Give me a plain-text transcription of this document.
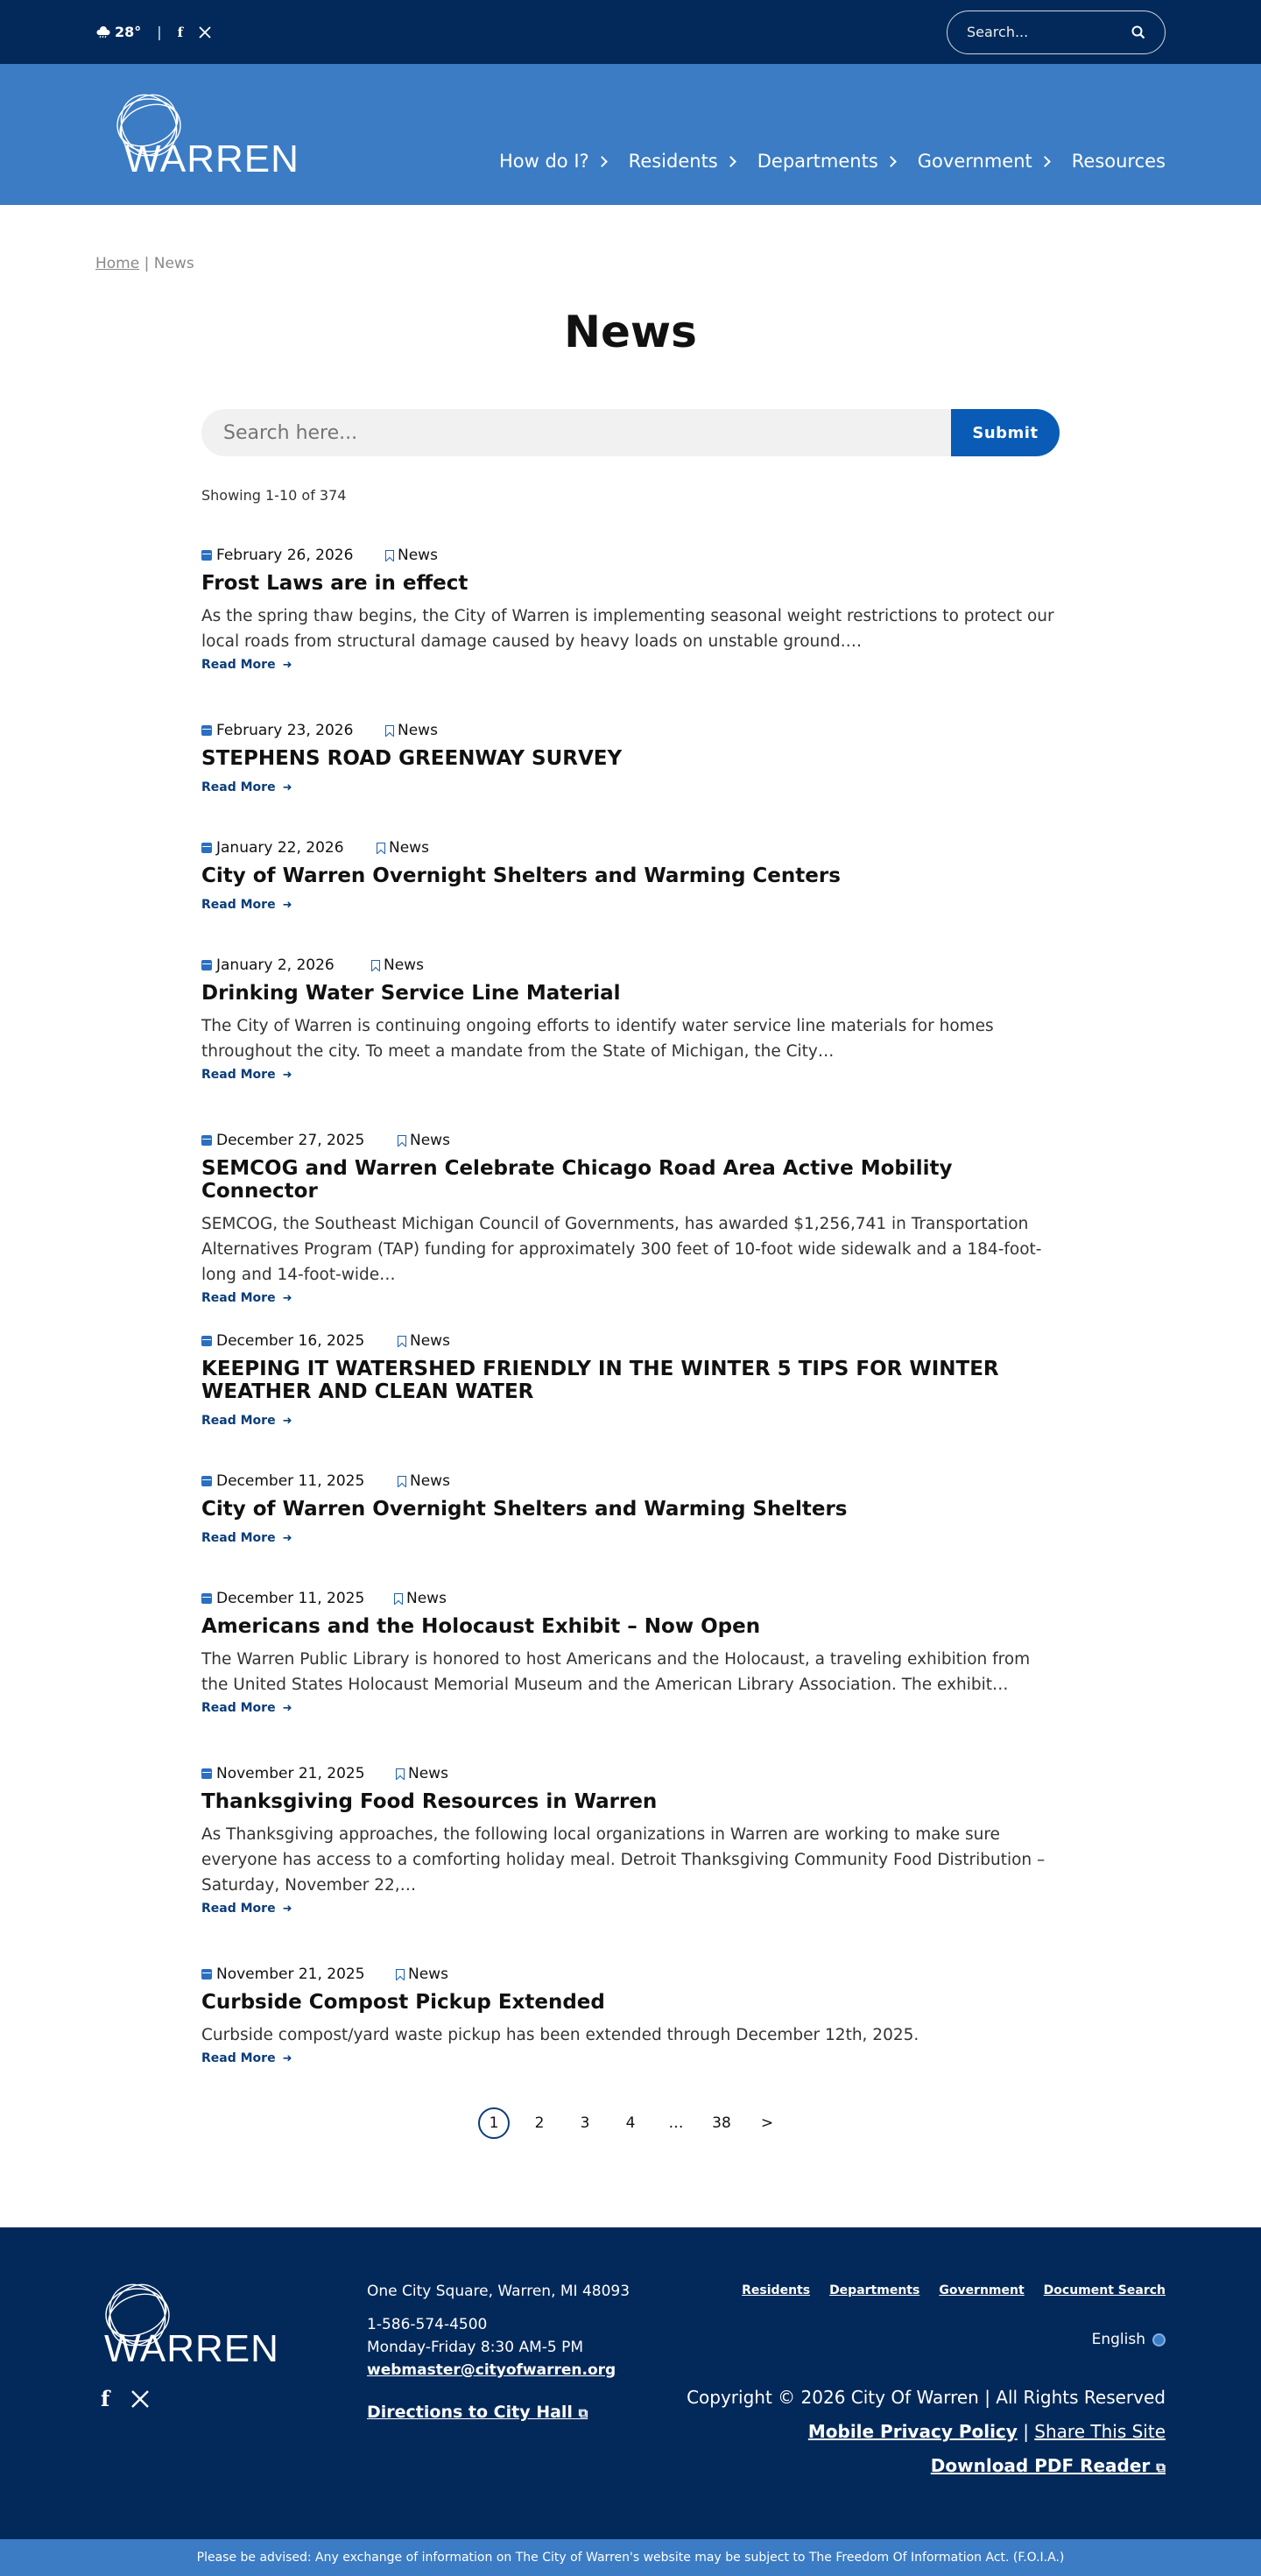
28° | f	Search...
WARREN	How do I? Residents Departments Government Resources
Home | News
News
Search here...
Submit
Showing 1-10 of 374
February 26, 2026	News
Frost Laws are in effect
As the spring thaw begins, the City of Warren is implementing seasonal weight restrictions to protect our local roads from structural damage caused by heavy loads on unstable ground.…
Read More ➜
February 23, 2026	News
STEPHENS ROAD GREENWAY SURVEY
Read More ➜
January 22, 2026	News
City of Warren Overnight Shelters and Warming Centers
Read More ➜
January 2, 2026	News
Drinking Water Service Line Material
The City of Warren is continuing ongoing efforts to identify water service line materials for homes throughout the city. To meet a mandate from the State of Michigan, the City…
Read More ➜
December 27, 2025	News
SEMCOG and Warren Celebrate Chicago Road Area Active Mobility Connector
SEMCOG, the Southeast Michigan Council of Governments, has awarded $1,256,741 in Transportation Alternatives Program (TAP) funding for approximately 300 feet of 10-foot wide sidewalk and a 184-foot-long and 14-foot-wide…
Read More ➜
December 16, 2025	News
KEEPING IT WATERSHED FRIENDLY IN THE WINTER 5 TIPS FOR WINTER WEATHER AND CLEAN WATER
Read More ➜
December 11, 2025	News
City of Warren Overnight Shelters and Warming Shelters
Read More ➜
December 11, 2025	News
Americans and the Holocaust Exhibit – Now Open
The Warren Public Library is honored to host Americans and the Holocaust, a traveling exhibition from the United States Holocaust Memorial Museum and the American Library Association. The exhibit…
Read More ➜
November 21, 2025	News
Thanksgiving Food Resources in Warren
As Thanksgiving approaches, the following local organizations in Warren are working to make sure everyone has access to a comforting holiday meal. Detroit Thanksgiving Community Food Distribution – Saturday, November 22,…
Read More ➜
November 21, 2025	News
Curbside Compost Pickup Extended
Curbside compost/yard waste pickup has been extended through December 12th, 2025.
Read More ➜
1	2	3	4	…	38	>
WARREN
f
One City Square, Warren, MI 48093
1-586-574-4500
Monday-Friday 8:30 AM-5 PM
webmaster@cityofwarren.org
Directions to City Hall ⧉
Residents Departments Government Document Search
English
Copyright © 2026 City Of Warren | All Rights Reserved
Mobile Privacy Policy | Share This Site
Download PDF Reader ⧉
Please be advised: Any exchange of information on The City of Warren's website may be subject to The Freedom Of Information Act. (F.O.I.A.)
